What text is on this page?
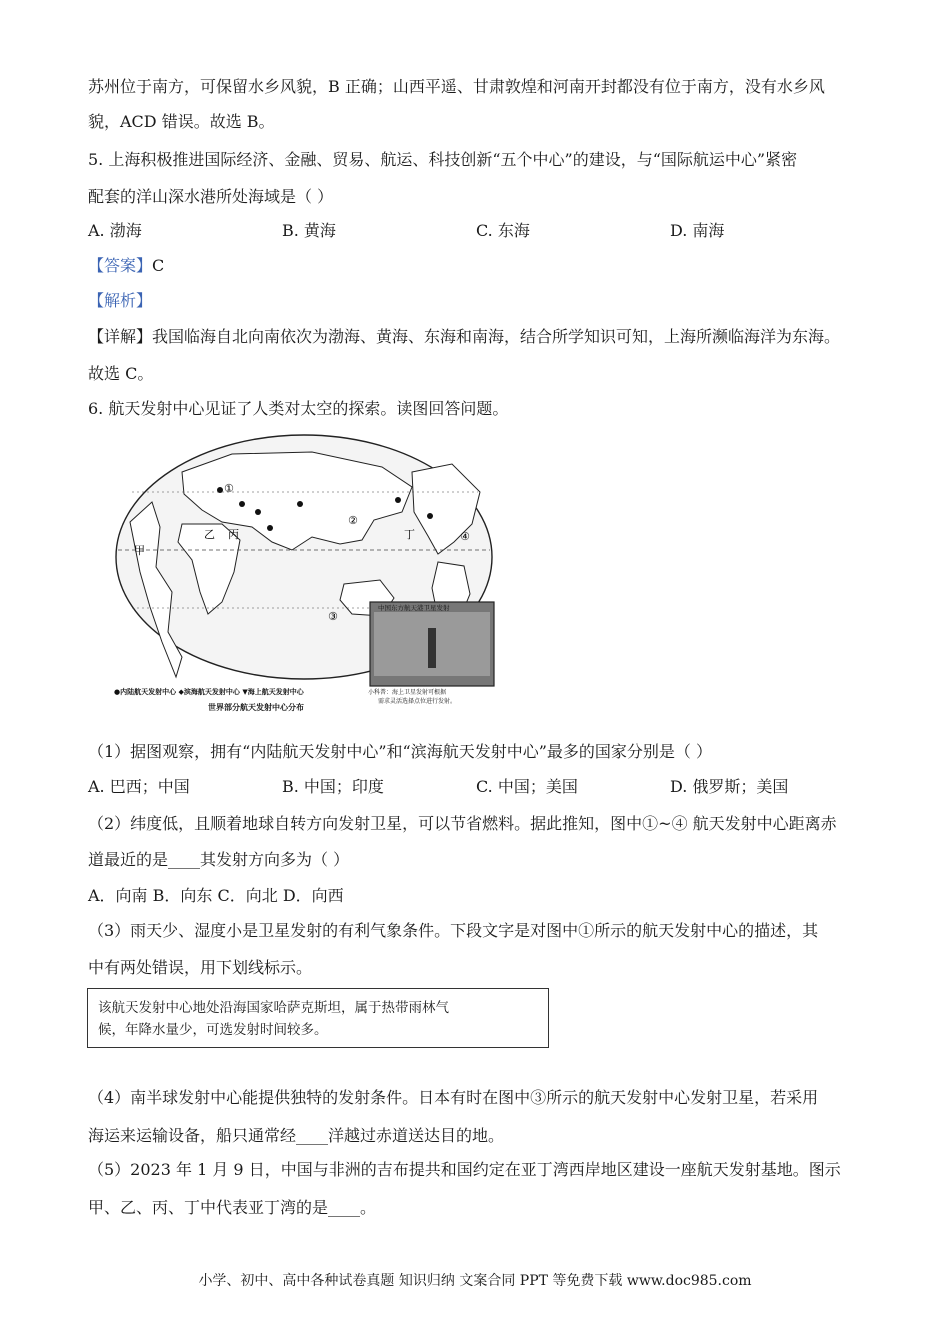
苏州位于南方，可保留水乡风貌，B 正确；山西平遥、甘肃敦煌和河南开封都没有位于南方，没有水乡风
貌，ACD 错误。故选 B。
5. 上海积极推进国际经济、金融、贸易、航运、科技创新“五个中心”的建设，与“国际航运中心”紧密
配套的洋山深水港所处海域是（ ）
A. 渤海	B. 黄海	C. 东海	D. 南海
【答案】C
【解析】
【详解】我国临海自北向南依次为渤海、黄海、东海和南海，结合所学知识可知，上海所濒临海洋为东海。
故选 C。
6. 航天发射中心见证了人类对太空的探索。读图回答问题。
①
②
③
④
甲
乙 丙	丁
中国东方航天港卫星发射
小科普：海上卫星发射可根据
需求灵活选择点位进行发射。
●内陆航天发射中心 ◆滨海航天发射中心 ▼海上航天发射中心
世界部分航天发射中心分布
（1）据图观察，拥有“内陆航天发射中心”和“滨海航天发射中心”最多的国家分别是（ ）
A. 巴西；中国	B. 中国；印度	C. 中国；美国	D. 俄罗斯；美国
（2）纬度低，且顺着地球自转方向发射卫星，可以节省燃料。据此推知，图中①~④ 航天发射中心距离赤
道最近的是____其发射方向多为（ ）
A．向南 B．向东 C．向北 D．向西
（3）雨天少、湿度小是卫星发射的有利气象条件。下段文字是对图中①所示的航天发射中心的描述，其
中有两处错误，用下划线标示。
该航天发射中心地处沿海国家哈萨克斯坦，属于热带雨林气
候，年降水量少，可选发射时间较多。
（4）南半球发射中心能提供独特的发射条件。日本有时在图中③所示的航天发射中心发射卫星，若采用
海运来运输设备，船只通常经____洋越过赤道送达目的地。
（5）2023 年 1 月 9 日，中国与非洲的吉布提共和国约定在亚丁湾西岸地区建设一座航天发射基地。图示
甲、乙、丙、丁中代表亚丁湾的是____。
小学、初中、高中各种试卷真题 知识归纳 文案合同 PPT 等免费下载 www.doc985.com
